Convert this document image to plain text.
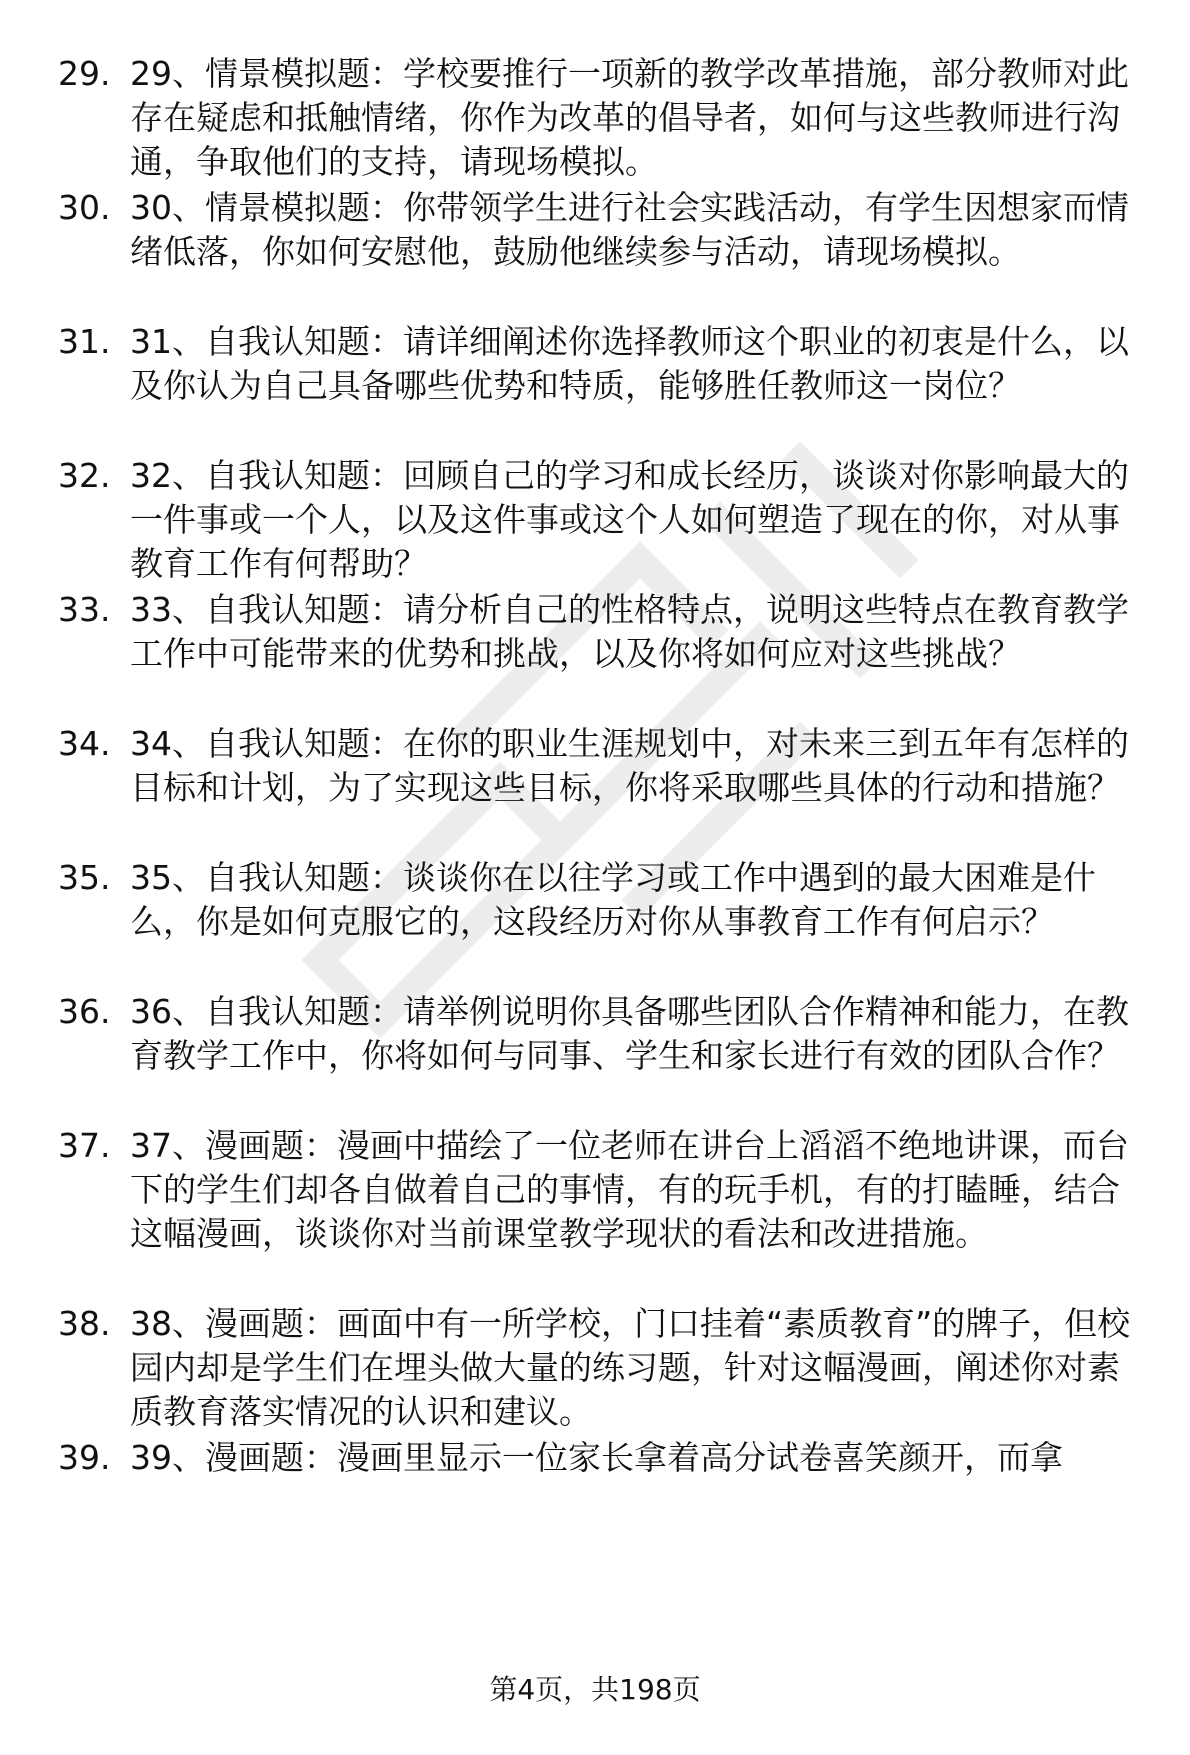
29. 29、情景模拟题：学校要推行一项新的教学改革措施，部分教师对此存在疑虑和抵触情绪，你作为改革的倡导者，如何与这些教师进行沟通，争取他们的支持，请现场模拟。
30. 30、情景模拟题：你带领学生进行社会实践活动，有学生因想家而情绪低落，你如何安慰他，鼓励他继续参与活动，请现场模拟。
31. 31、自我认知题：请详细阐述你选择教师这个职业的初衷是什么，以及你认为自己具备哪些优势和特质，能够胜任教师这一岗位？
32. 32、自我认知题：回顾自己的学习和成长经历，谈谈对你影响最大的一件事或一个人，以及这件事或这个人如何塑造了现在的你，对从事教育工作有何帮助？
33. 33、自我认知题：请分析自己的性格特点，说明这些特点在教育教学工作中可能带来的优势和挑战，以及你将如何应对这些挑战？
34. 34、自我认知题：在你的职业生涯规划中，对未来三到五年有怎样的目标和计划，为了实现这些目标，你将采取哪些具体的行动和措施？
35. 35、自我认知题：谈谈你在以往学习或工作中遇到的最大困难是什么，你是如何克服它的，这段经历对你从事教育工作有何启示？
36. 36、自我认知题：请举例说明你具备哪些团队合作精神和能力，在教育教学工作中，你将如何与同事、学生和家长进行有效的团队合作？
37. 37、漫画题：漫画中描绘了一位老师在讲台上滔滔不绝地讲课，而台下的学生们却各自做着自己的事情，有的玩手机，有的打瞌睡，结合这幅漫画，谈谈你对当前课堂教学现状的看法和改进措施。
38. 38、漫画题：画面中有一所学校，门口挂着“素质教育”的牌子，但校园内却是学生们在埋头做大量的练习题，针对这幅漫画，阐述你对素质教育落实情况的认识和建议。
39. 39、漫画题：漫画里显示一位家长拿着高分试卷喜笑颜开，而拿
第4页，共198页
